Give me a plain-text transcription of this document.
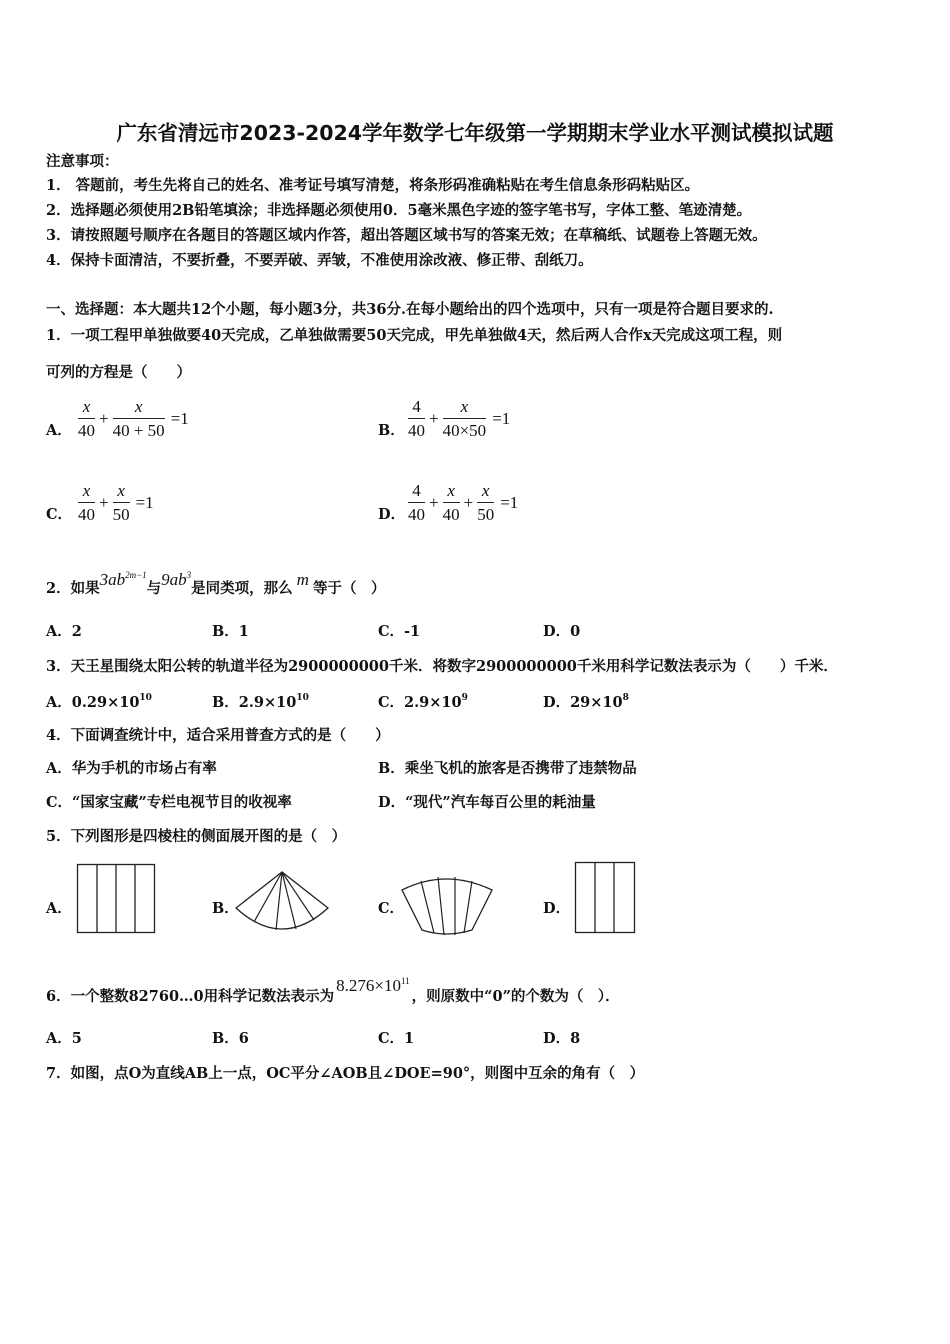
广东省清远市2023-2024学年数学七年级第一学期期末学业水平测试模拟试题
注意事项：
1． 答题前，考生先将自己的姓名、准考证号填写清楚，将条形码准确粘贴在考生信息条形码粘贴区。
2．选择题必须使用2B铅笔填涂；非选择题必须使用0．5毫米黑色字迹的签字笔书写，字体工整、笔迹清楚。
3．请按照题号顺序在各题目的答题区域内作答，超出答题区域书写的答案无效；在草稿纸、试题卷上答题无效。
4．保持卡面清洁，不要折叠，不要弄破、弄皱，不准使用涂改液、修正带、刮纸刀。
一、选择题：本大题共12个小题，每小题3分，共36分.在每小题给出的四个选项中，只有一项是符合题目要求的.
1．一项工程甲单独做要40天完成，乙单独做需要50天完成，甲先单独做4天，然后两人合作x天完成这项工程，则
可列的方程是（　　）
A． $\frac{x}{40} + \frac{x}{40 + 50} =1$
B． $\frac{4}{40} + \frac{x}{40\times 50} =1$
C． $\frac{x}{40} + \frac{x}{50} =1$
D． $\frac{4}{40} + \frac{x}{40} + \frac{x}{50} =1$
2．如果$3ab^{2m-1}$与$9ab^3$是同类项，那么 m 等于（　）
A．2	B．1	C．-1	D．0
3．天王星围绕太阳公转的轨道半径为2900000000千米．将数字2900000000千米用科学记数法表示为（　　）千米．
A．$0.29\times 10^{10}$	B．$2.9\times 10^{10}$	C．$2.9\times 10^9$	D．$29\times 10^8$
4．下面调查统计中，适合采用普查方式的是（　　）
A．华为手机的市场占有率	B．乘坐飞机的旅客是否携带了违禁物品
C．“国家宝藏”专栏电视节目的收视率	D．“现代”汽车每百公里的耗油量
5．下列图形是四棱柱的侧面展开图的是（　）
A．	B．	C．	D．
6．一个整数82760…0用科学记数法表示为$8.276\times 10^{11}$，则原数中“0”的个数为（　）．
A．5	B．6	C．1	D．8
7．如图，点O为直线AB上一点，OC平分∠AOB且∠DOE=90°，则图中互余的角有（　）
